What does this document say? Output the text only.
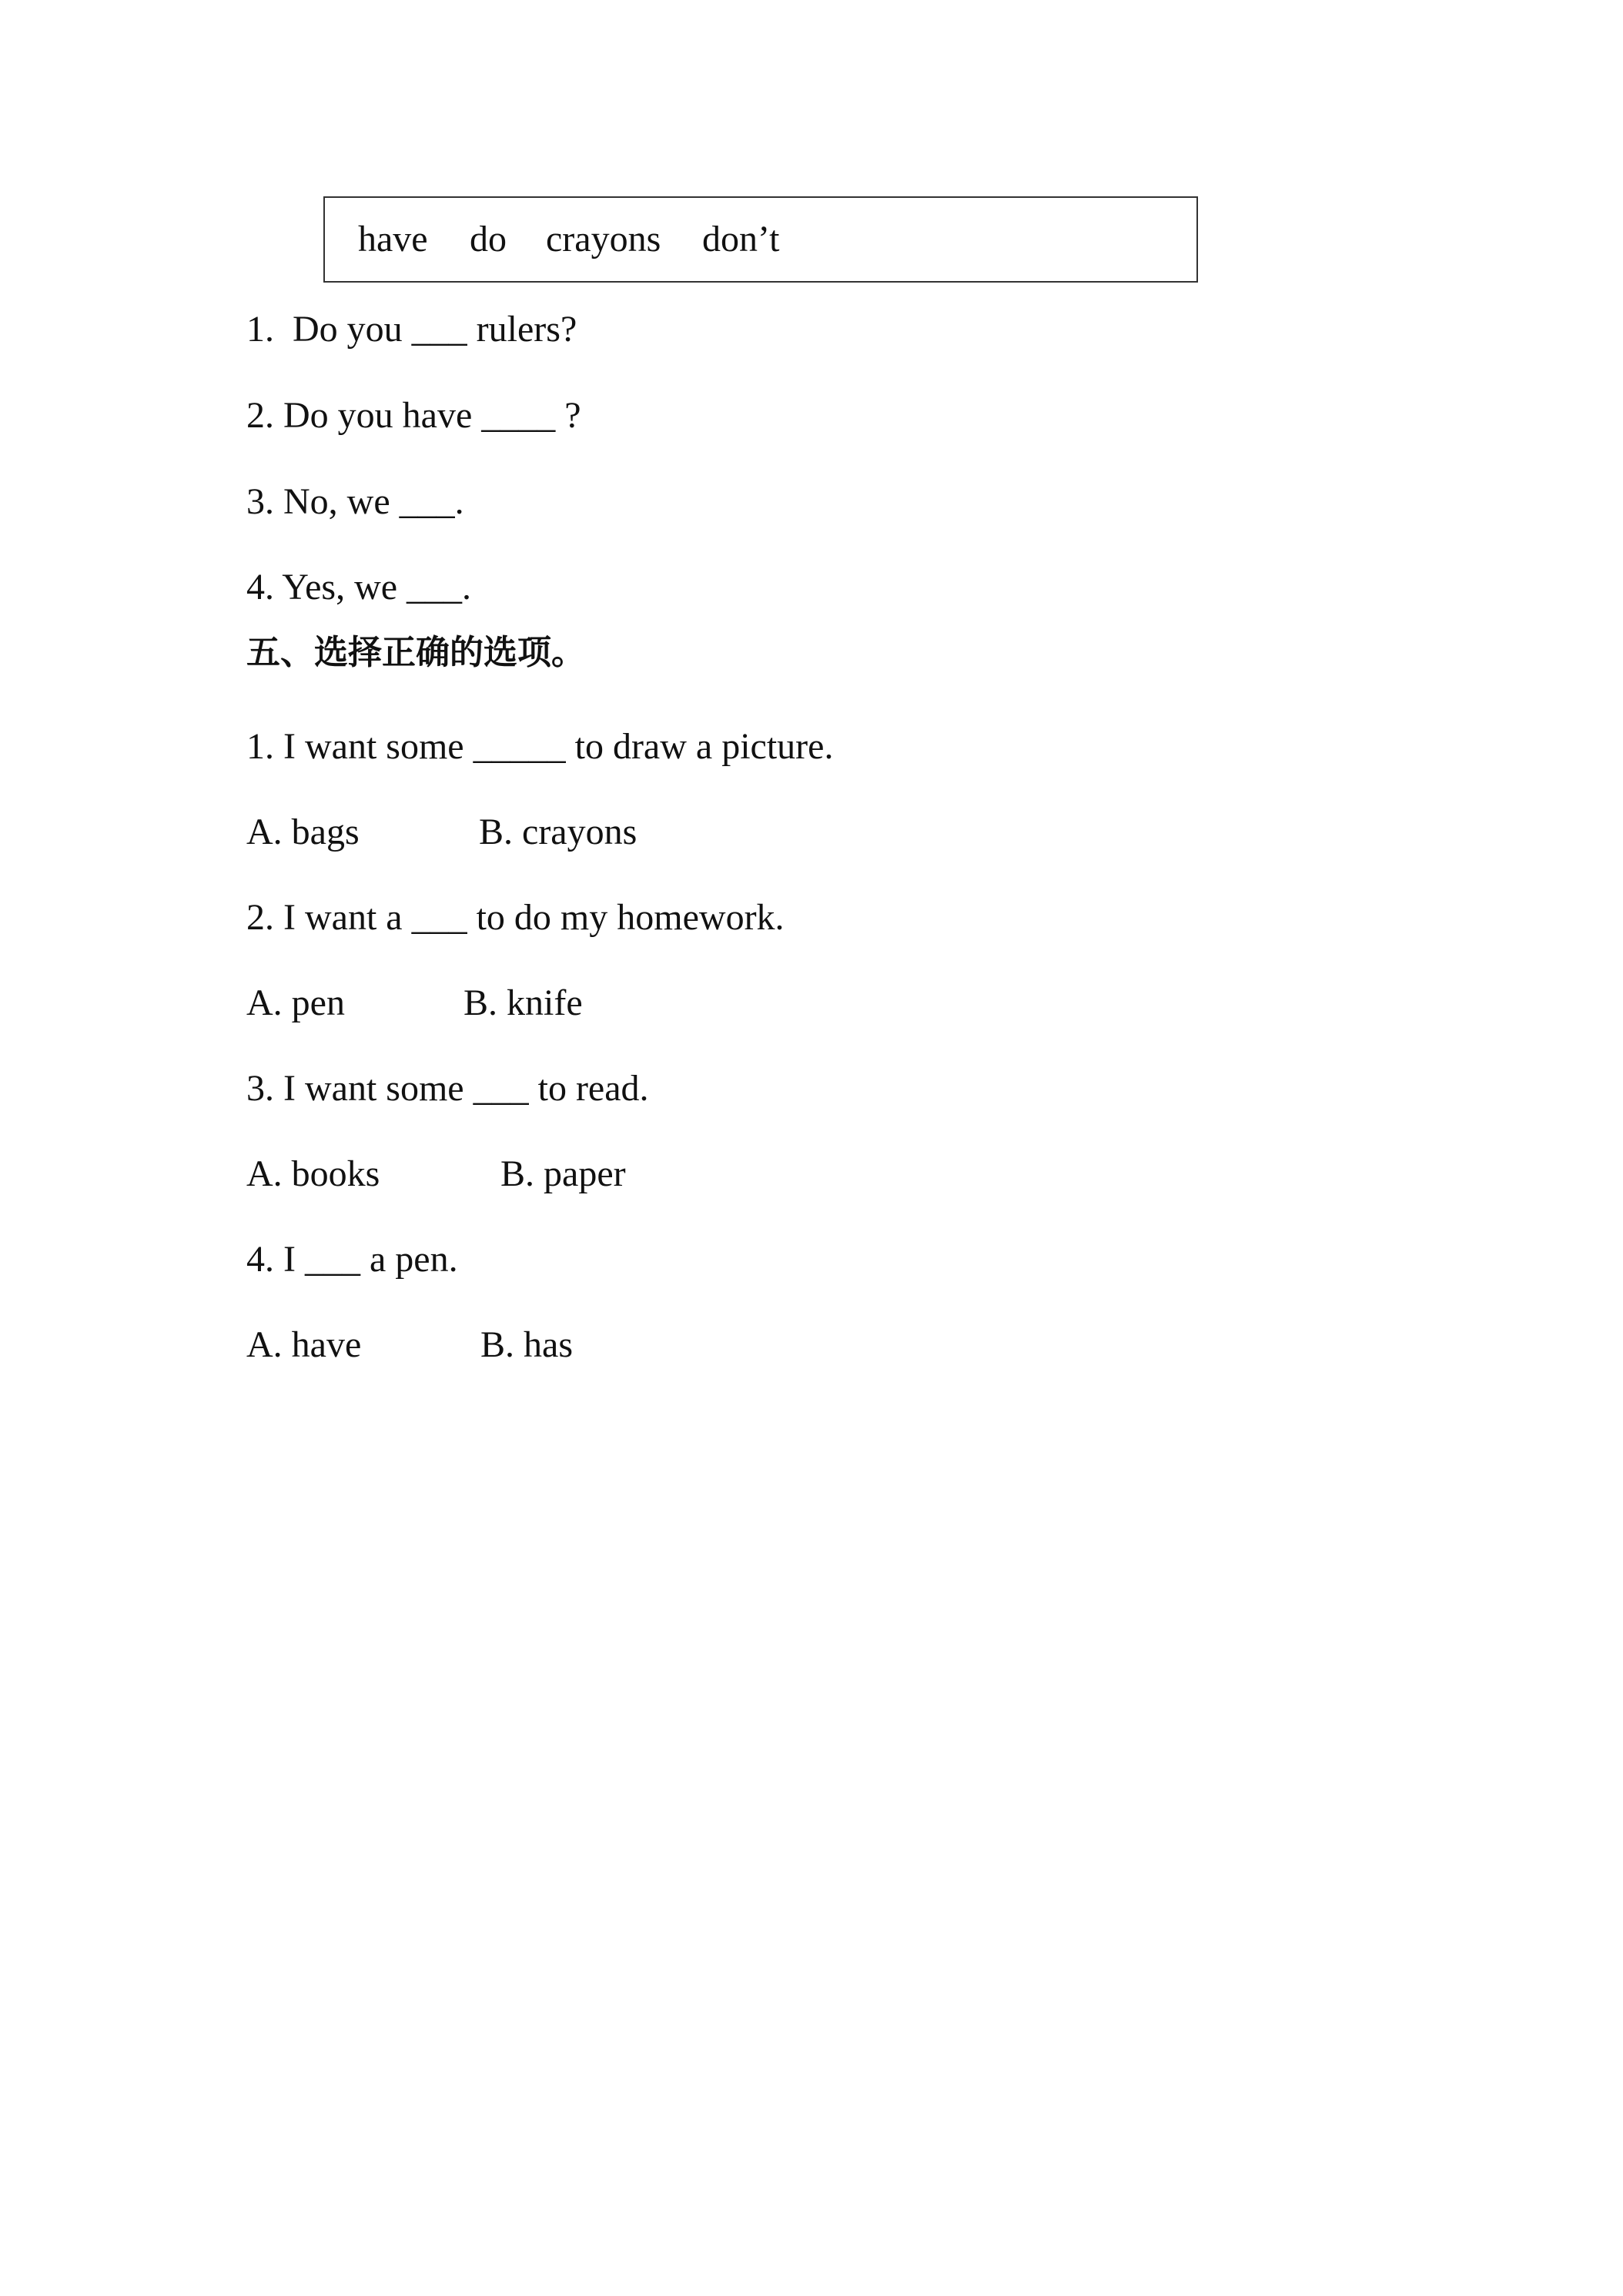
have do crayons don’t
1.  Do you ___ rulers?
2. Do you have ____ ?
3. No, we ___.
4. Yes, we ___.
五、选择正确的选项。
1. I want some _____ to draw a picture.
A. bags	B. crayons
2. I want a ___ to do my homework.
A. pen	B. knife
3. I want some ___ to read.
A. books	B. paper
4. I ___ a pen.
A. have	B. has
